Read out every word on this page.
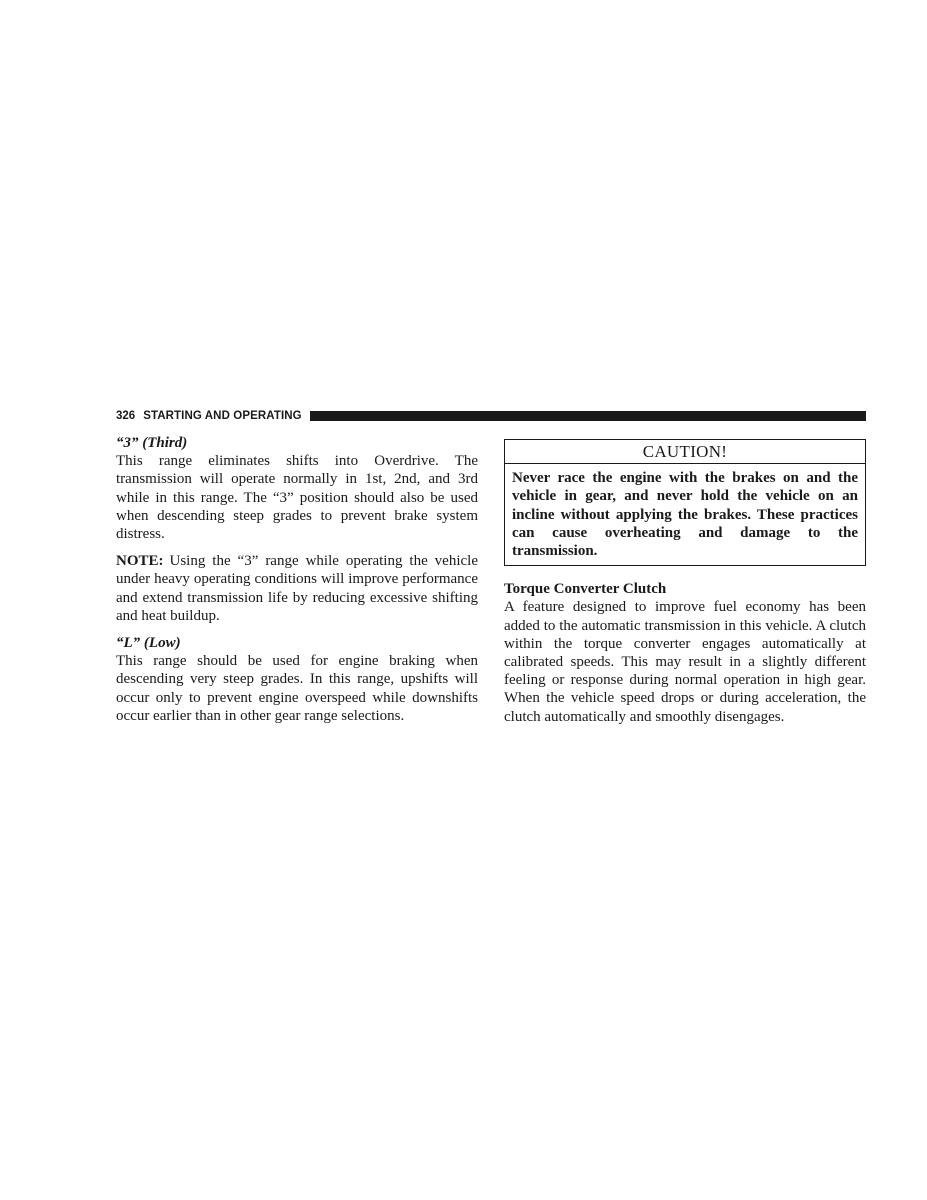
326 STARTING AND OPERATING

“3” (Third)

This range eliminates shifts into Overdrive. The transmission will operate normally in 1st, 2nd, and 3rd while in this range. The “3” position should also be used when descending steep grades to prevent brake system distress.

NOTE: Using the “3” range while operating the vehicle under heavy operating conditions will improve performance and extend transmission life by reducing excessive shifting and heat buildup.

“L” (Low)

This range should be used for engine braking when descending very steep grades. In this range, upshifts will occur only to prevent engine overspeed while downshifts occur earlier than in other gear range selections.

CAUTION!

Never race the engine with the brakes on and the vehicle in gear, and never hold the vehicle on an incline without applying the brakes. These practices can cause overheating and damage to the transmission.

Torque Converter Clutch

A feature designed to improve fuel economy has been added to the automatic transmission in this vehicle. A clutch within the torque converter engages automatically at calibrated speeds. This may result in a slightly different feeling or response during normal operation in high gear. When the vehicle speed drops or during acceleration, the clutch automatically and smoothly disengages.
